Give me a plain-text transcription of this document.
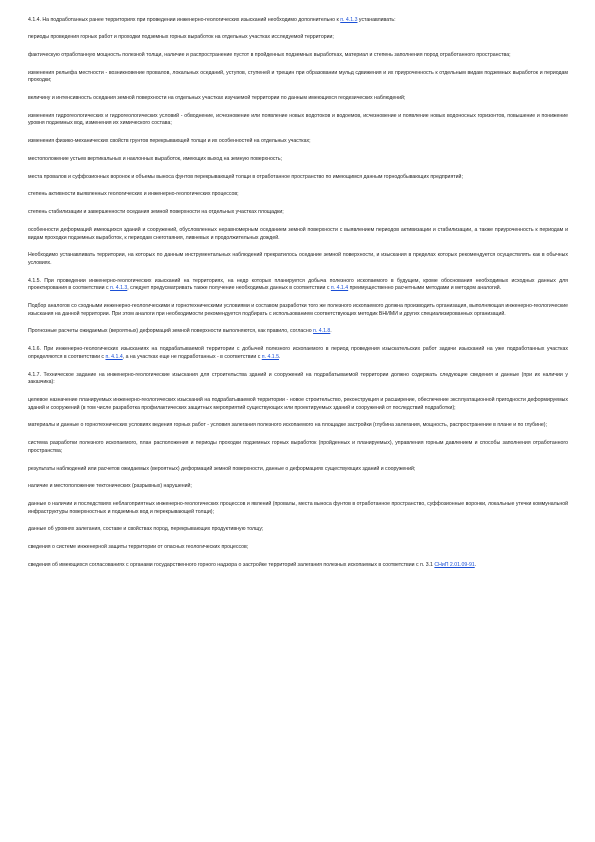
4.1.4. На подработанных ранее территориях при проведении инженерно-геологических изысканий необходимо дополнительно к п. 4.1.3 устанавливать:

периоды проведения горных работ и проходки подземных горных выработок на отдельных участках исследуемой территории;

фактическую отработанную мощность полезной толщи, наличие и распространение пустот в пройденных подземных выработках, материал и степень заполнения пород отработанного пространства;

изменения рельефа местности - возникновение провалов, локальных оседаний, уступов, ступеней и трещин при образовании мульд сдвижения и их приуроченность к отдельным видам подземных выработок и периодам проходки;

величину и интенсивность оседания земной поверхности на отдельных участках изучаемой территории по данным имеющихся геодезических наблюдений;

изменения гидрогеологических и гидрогеологических условий - обводнение, исчезновение или появление новых водотоков и водоемов, исчезновение и появление новых водоносных горизонтов, повышение и понижение уровня подземных вод, изменения их химического состава;

изменения физико-механических свойств грунтов перекрывающей толщи и их особенностей на отдельных участках;

местоположение устьев вертикальных и наклонных выработок, имеющих выход на земную поверхность;

места провалов и суффозионных воронок и объемы выноса фунтов перекрывающей толщи в отработанное пространство по имеющимся данным горнодобывающих предприятий;

степень активности выявленных геологических и инженерно-геологических процессов;

степень стабилизации и завершенности оседания земной поверхности на отдельных участках площадки;

особенности деформаций имеющихся зданий и сооружений, обусловленных неравномерным оседанием земной поверхности с выявлением периодов активизации и стабилизации, а также приуроченность к периодам и видам проходки подземных выработок, к периодам снеготаяния, ливневых и продолжительных дождей.

Необходимо устанавливать территории, на которых по данным инструментальных наблюдений прекратилось оседание земной поверхности, и изыскания в пределах которых рекомендуется осуществлять как в обычных условиях.

4.1.5. При проведении инженерно-геологических изысканий на территориях, на недр которых планируется добыча полезного ископаемого в будущем, кроме обоснования необходимых исходных данных для проектирования в соответствии с п. 4.1.3, следует предусматривать также получение необходимых данных в соответствии с п. 4.1.4 преимущественно расчетными методами и методом аналогий.

Подбор аналогов со сходными инженерно-геологическими и горнотехническими условиями и составом разработки того же полезного ископаемого должна производить организация, выполняющая инженерно-геологические изыскания на данной территории. При этом аналоги при необходимости рекомендуется подбирать с использованием соответствующих методик ВНИМИ и других специализированных организаций.

Прогнозные расчеты ожидаемых (вероятных) деформаций земной поверхности выполняются, как правило, согласно п. 4.1.8.

4.1.6. При инженерно-геологических изысканиях на подрабатываемой территории с добычей полезного ископаемого в период проведения изыскательских работ задачи изысканий на уже подработанных участках определяются в соответствии с п. 4.1.4, а на участках еще не подработанных - в соответствии с п. 4.1.5.

4.1.7. Техническое задание на инженерно-геологические изыскания для строительства зданий и сооружений на подрабатываемой территории должно содержать следующие сведения и данные (при их наличии у заказчика):

целевое назначение планируемых инженерно-геологических изысканий на подрабатываемой территории - новое строительство, реконструкция и расширение, обеспечение эксплуатационной пригодности деформируемых зданий и сооружений (в том числе разработка профилактических защитных мероприятий существующих или проектируемых зданий и сооружений от последствий подработки);

материалы и данные о горнотехнических условиях ведения горных работ - условия залегания полезного ископаемого на площадке застройки (глубина залегания, мощность, распространение в плане и по глубине);

система разработки полезного ископаемого, план расположения и периоды проходки подземных горных выработок (пройденных и планируемых), управления горным давлением и способы заполнения отработанного пространства;

результаты наблюдений или расчетов ожидаемых (вероятных) деформаций земной поверхности, данные о деформациях существующих зданий и сооружений;

наличие и местоположение тектонических (разрывных) нарушений;

данные о наличии и последствиях неблагоприятных инженерно-геологических процессов и явлений (провалы, места выноса фунтов в отработанное пространство, суффозионные воронки, локальные утечки коммунальной инфраструктуры поверхностных и подземных вод и перекрывающей толщи);

данные об уровнях залегания, составе и свойствах пород, перекрывающих продуктивную толщу;

сведения о системе инженерной защиты территории от опасных геологических процессов;

сведения об имеющихся согласованиях с органами государственного горного надзора о застройке территорий залегания полезных ископаемых в соответствии с п. 3.1 СНиП 2.01.09-91.
